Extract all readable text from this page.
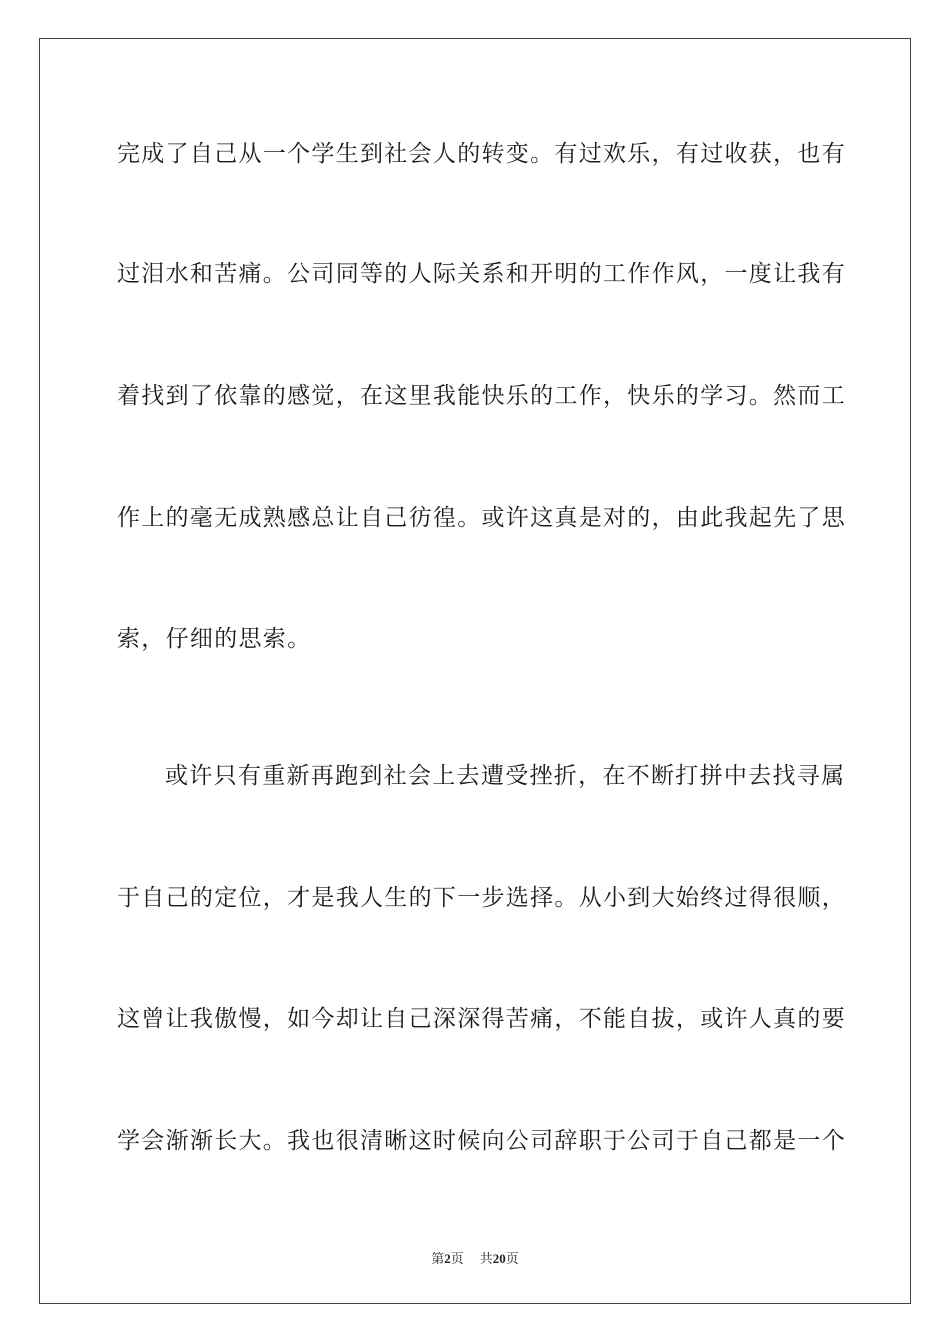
完成了自己从一个学生到社会人的转变。有过欢乐，有过收获，也有
过泪水和苦痛。公司同等的人际关系和开明的工作作风，一度让我有
着找到了依靠的感觉，在这里我能快乐的工作，快乐的学习。然而工
作上的毫无成熟感总让自己彷徨。或许这真是对的，由此我起先了思
索，仔细的思索。
或许只有重新再跑到社会上去遭受挫折，在不断打拼中去找寻属
于自己的定位，才是我人生的下一步选择。从小到大始终过得很顺，
这曾让我傲慢，如今却让自己深深得苦痛，不能自拔，或许人真的要
学会渐渐长大。我也很清晰这时候向公司辞职于公司于自己都是一个
第2页 共20页
